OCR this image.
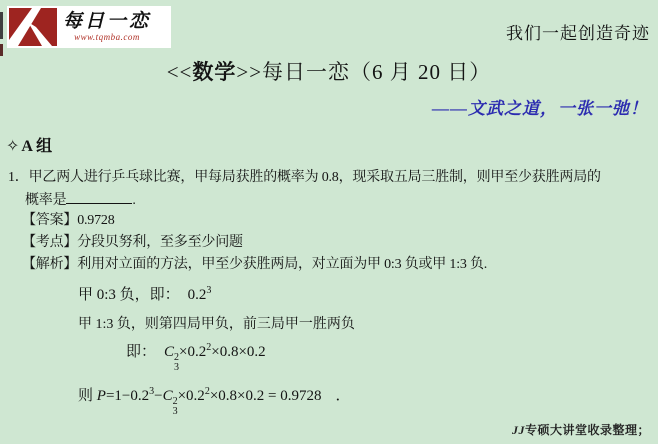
每日一恋
www.tqmba.com	我们一起创造奇迹
<<数学>>每日一恋（6 月 20 日）
——文武之道，一张一弛！
✧ A 组
1．甲乙两人进行乒乓球比赛，甲每局获胜的概率为 0.8，现采取五局三胜制，则甲至少获胜两局的
概率是	.
【答案】0.9728
【考点】分段贝努利，至多至少问题
【解析】利用对立面的方法，甲至少获胜两局，对立面为甲 0:3 负或甲 1:3 负.
甲 0:3 负，即： $0.2^3$
甲 1:3 负，则第四局甲负，前三局甲一胜两负
即： C 2
3
$\times 0.2^2\times 0.8\times 0.2$
则 $P=1-0.2^3-C$ 2
3
$\times 0.2^2\times 0.8\times 0.2 = 0.9728$ ．
JJ专硕大讲堂收录整理；
